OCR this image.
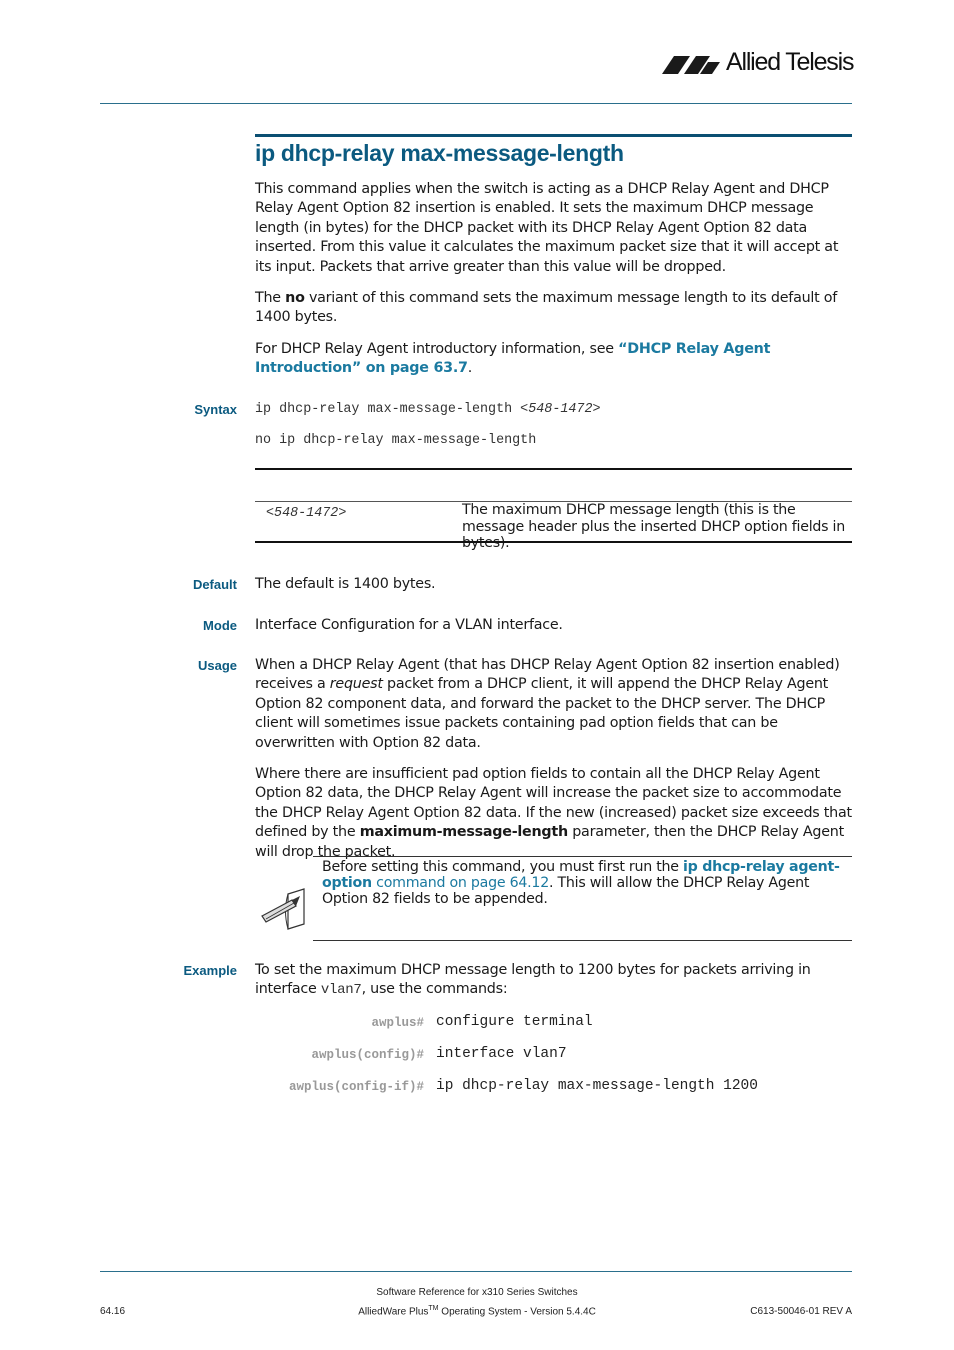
Allied Telesis
ip dhcp-relay max-message-length
This command applies when the switch is acting as a DHCP Relay Agent and DHCP Relay Agent Option 82 insertion is enabled. It sets the maximum DHCP message length (in bytes) for the DHCP packet with its DHCP Relay Agent Option 82 data inserted. From this value it calculates the maximum packet size that it will accept at its input. Packets that arrive greater than this value will be dropped.
The no variant of this command sets the maximum message length to its default of 1400 bytes.
For DHCP Relay Agent introductory information, see “DHCP Relay Agent Introduction” on page 63.7.
Syntax ip dhcp-relay max-message-length <548-1472>
no ip dhcp-relay max-message-length
<548-1472>	The maximum DHCP message length (this is the message header plus the inserted DHCP option fields in bytes).
Default The default is 1400 bytes.
Mode Interface Configuration for a VLAN interface.
Usage When a DHCP Relay Agent (that has DHCP Relay Agent Option 82 insertion enabled) receives a request packet from a DHCP client, it will append the DHCP Relay Agent Option 82 component data, and forward the packet to the DHCP server. The DHCP client will sometimes issue packets containing pad option fields that can be overwritten with Option 82 data.
Where there are insufficient pad option fields to contain all the DHCP Relay Agent Option 82 data, the DHCP Relay Agent will increase the packet size to accommodate the DHCP Relay Agent Option 82 data. If the new (increased) packet size exceeds that defined by the maximum-message-length parameter, then the DHCP Relay Agent will drop the packet.
Before setting this command, you must first run the ip dhcp-relay agent-option command on page 64.12. This will allow the DHCP Relay Agent Option 82 fields to be appended.
Example To set the maximum DHCP message length to 1200 bytes for packets arriving in interface vlan7, use the commands:
awplus# configure terminal
awplus(config)# interface vlan7
awplus(config-if)# ip dhcp-relay max-message-length 1200
Software Reference for x310 Series Switches
AlliedWare Plus™ Operating System - Version 5.4.4C
64.16	C613-50046-01 REV A
